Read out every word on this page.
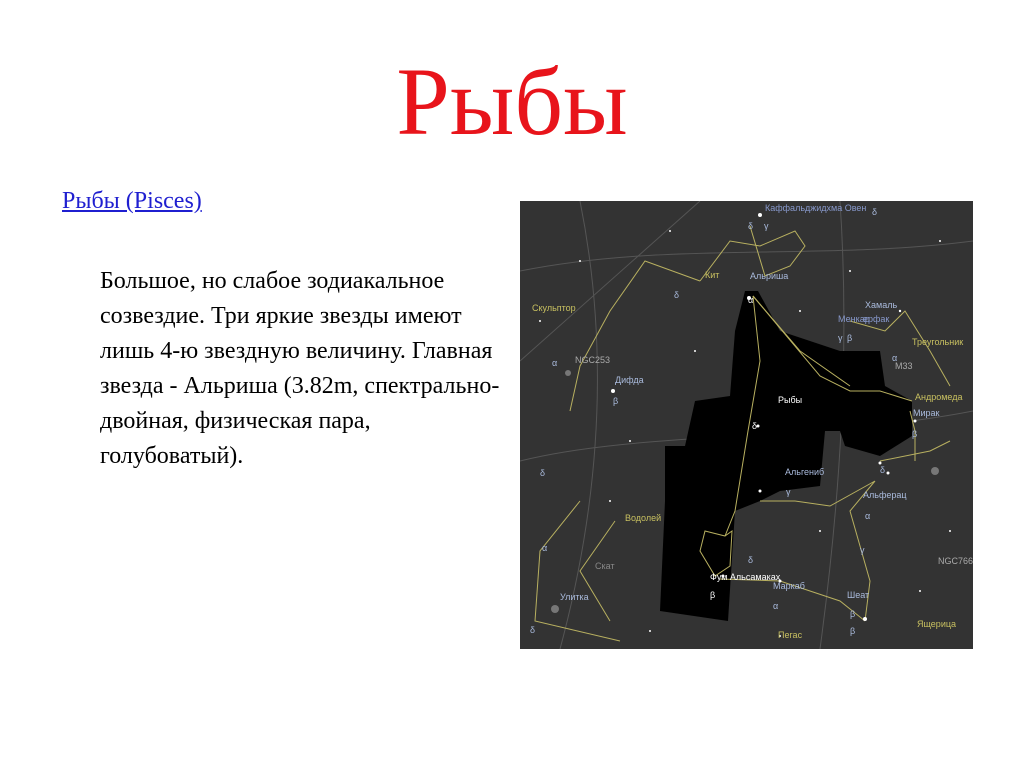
Рыбы
Рыбы (Pisces)

Большое, но слабое зодиакальное созвездие. Три яркие звезды имеют лишь 4-ю звездную величину. Главная звезда - Альриша (3.82m, спектрально-двойная, физическая пара, голубоватый).

Каффальджидхма Овен
Кит	Альриша
Скульптор
NGC253
Дифда
Хамаль
Менкар
ерфак
Треугольник
M33
Рыбы	Андромеда
Мирак
Альгениб
Альферац
Водолей
Скат
Улитка
Фум Альсамаках
Маркаб
Шеат
NGC766
Ящерица
Пегас
δ
δ γ
δ	α
α
β
γ β
α
δ
β
δ
γ
δ
α
γ
α
δ
β
α
β
β
δ
